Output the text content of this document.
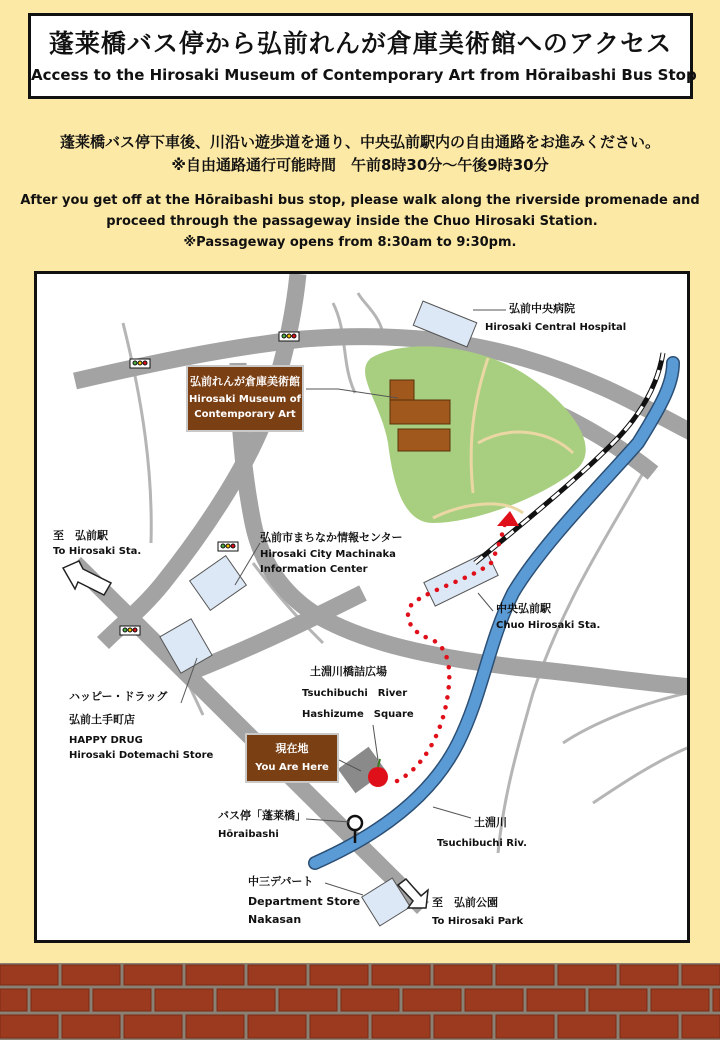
蓬莱橋バス停から弘前れんが倉庫美術館へのアクセス
Access to the Hirosaki Museum of Contemporary Art from Hōraibashi Bus Stop
蓬莱橋バス停下車後、川沿い遊歩道を通り、中央弘前駅内の自由通路をお進みください。
※自由通路通行可能時間　午前8時30分～午後9時30分
After you get off at the Hōraibashi bus stop, please walk along the riverside promenade and
proceed through the passageway inside the Chuo Hirosaki Station.
※Passageway opens from 8:30am to 9:30pm.
弘前れんが倉庫美術館
Hirosaki Museum of
Contemporary Art
弘前中央病院
Hirosaki Central Hospital
弘前市まちなか情報センター
Hirosaki City Machinaka
Information Center
至　弘前駅
To Hirosaki Sta.
中央弘前駅
Chuo Hirosaki Sta.
土淵川橋詰広場
Tsuchibuchi　River
Hashizume　Square
ハッピー・ドラッグ
弘前土手町店
HAPPY DRUG
Hirosaki Dotemachi Store
現在地
You Are Here
バス停「蓬莱橋」
Hōraibashi
土淵川
Tsuchibuchi Riv.
中三デパート
Department Store
Nakasan
至　弘前公園
To Hirosaki Park
